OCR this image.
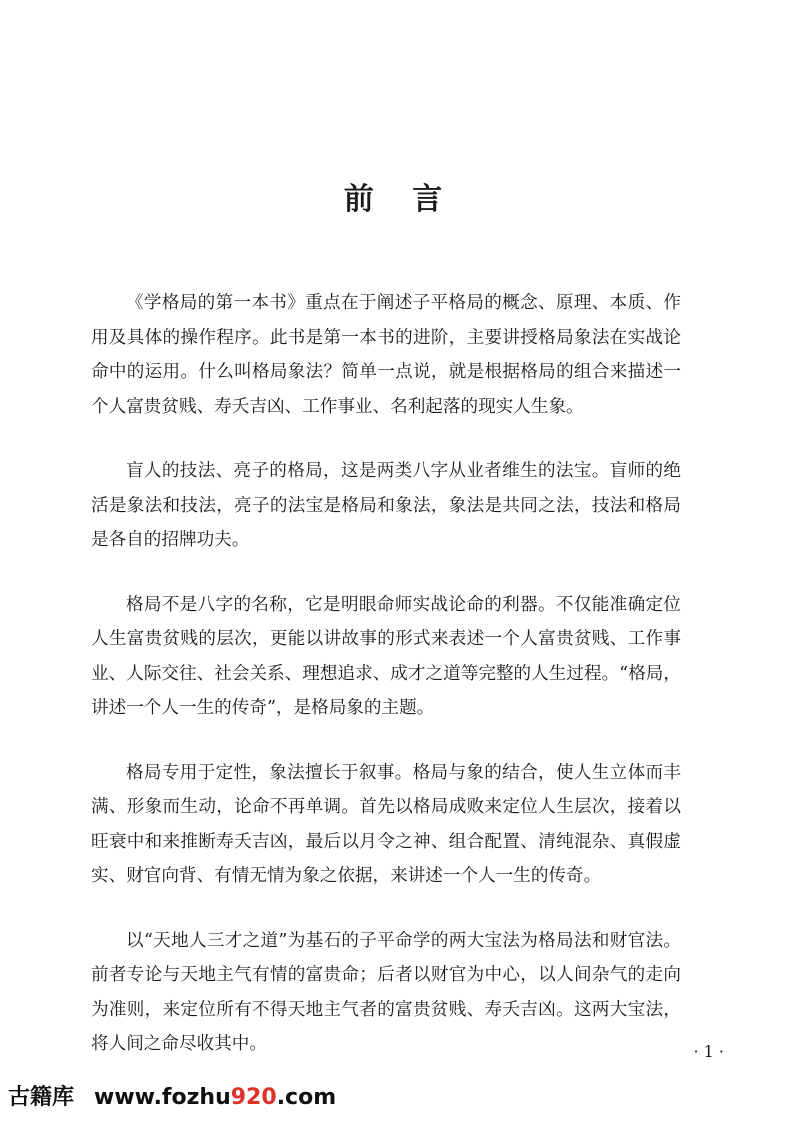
前 言

《学格局的第一本书》重点在于阐述子平格局的概念、原理、本质、作用及具体的操作程序。此书是第一本书的进阶，主要讲授格局象法在实战论命中的运用。什么叫格局象法？简单一点说，就是根据格局的组合来描述一个人富贵贫贱、寿夭吉凶、工作事业、名利起落的现实人生象。

盲人的技法、亮子的格局，这是两类八字从业者维生的法宝。盲师的绝活是象法和技法，亮子的法宝是格局和象法，象法是共同之法，技法和格局是各自的招牌功夫。

格局不是八字的名称，它是明眼命师实战论命的利器。不仅能准确定位人生富贵贫贱的层次，更能以讲故事的形式来表述一个人富贵贫贱、工作事业、人际交往、社会关系、理想追求、成才之道等完整的人生过程。“格局，讲述一个人一生的传奇”，是格局象的主题。

格局专用于定性，象法擅长于叙事。格局与象的结合，使人生立体而丰满、形象而生动，论命不再单调。首先以格局成败来定位人生层次，接着以旺衰中和来推断寿夭吉凶，最后以月令之神、组合配置、清纯混杂、真假虚实、财官向背、有情无情为象之依据，来讲述一个人一生的传奇。

以“天地人三才之道”为基石的子平命学的两大宝法为格局法和财官法。前者专论与天地主气有情的富贵命；后者以财官为中心，以人间杂气的走向为准则，来定位所有不得天地主气者的富贵贫贱、寿夭吉凶。这两大宝法，将人间之命尽收其中。	· 1 ·
古籍库 www.fozhu920.com
